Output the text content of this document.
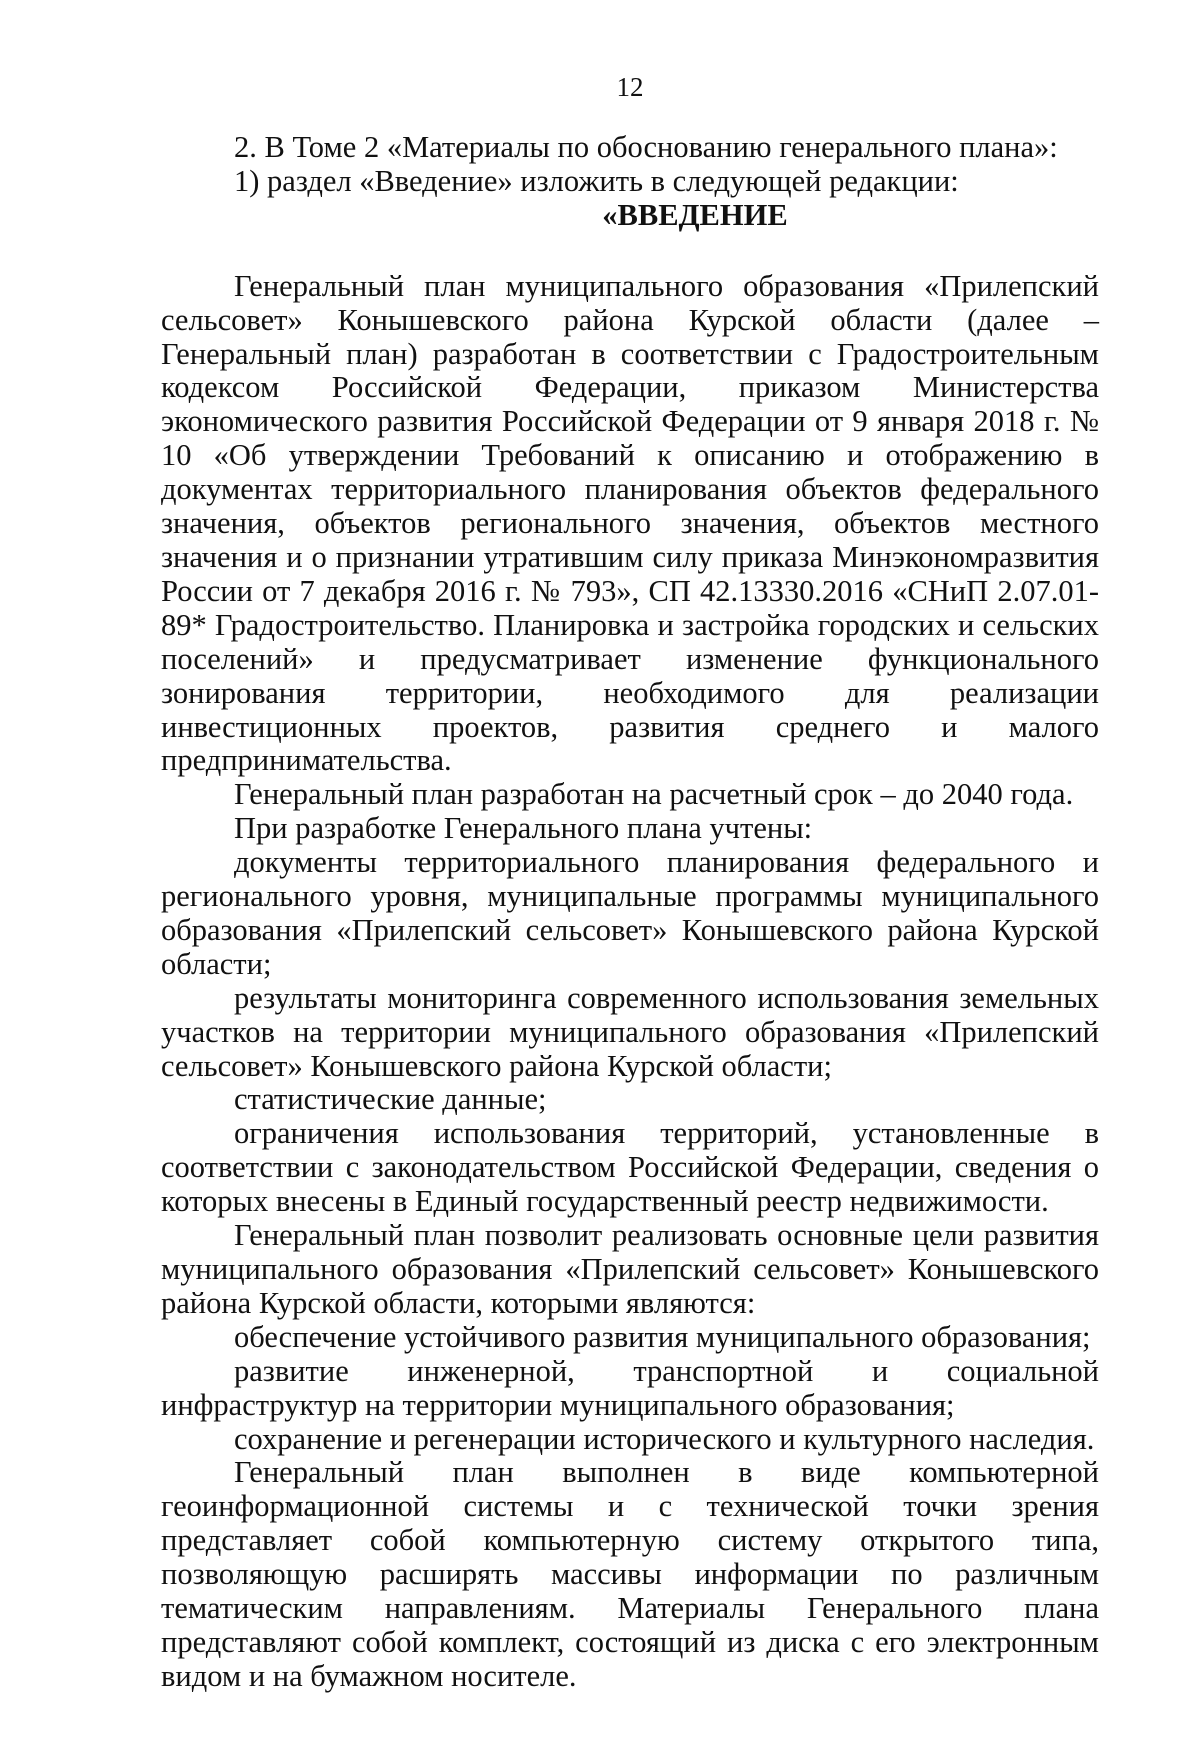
12
2. В Томе 2 «Материалы по обоснованию генерального плана»:
1) раздел «Введение» изложить в следующей редакции:
«ВВЕДЕНИЕ
Генеральный план муниципального образования «Прилепский сельсовет» Конышевского района Курской области (далее – Генеральный план) разработан в соответствии с Градостроительным кодексом Российской Федерации, приказом Министерства экономического развития Российской Федерации от 9 января 2018 г. № 10 «Об утверждении Требований к описанию и отображению в документах территориального планирования объектов федерального значения, объектов регионального значения, объектов местного значения и о признании утратившим силу приказа Минэкономразвития России от 7 декабря 2016 г. № 793», СП 42.13330.2016 «СНиП 2.07.01-89* Градостроительство. Планировка и застройка городских и сельских поселений» и предусматривает изменение функционального зонирования территории, необходимого для реализации инвестиционных проектов, развития среднего и малого предпринимательства.
Генеральный план разработан на расчетный срок – до 2040 года.
При разработке Генерального плана учтены:
документы территориального планирования федерального и регионального уровня, муниципальные программы муниципального образования «Прилепский сельсовет» Конышевского района Курской области;
результаты мониторинга современного использования земельных участков на территории муниципального образования «Прилепский сельсовет» Конышевского района Курской области;
статистические данные;
ограничения использования территорий, установленные в соответствии с законодательством Российской Федерации, сведения о которых внесены в Единый государственный реестр недвижимости.
Генеральный план позволит реализовать основные цели развития муниципального образования «Прилепский сельсовет» Конышевского района Курской области, которыми являются:
обеспечение устойчивого развития муниципального образования;
развитие инженерной, транспортной и социальной инфраструктур на территории муниципального образования;
сохранение и регенерации исторического и культурного наследия.
Генеральный план выполнен в виде компьютерной геоинформационной системы и с технической точки зрения представляет собой компьютерную систему открытого типа, позволяющую расширять массивы информации по различным тематическим направлениям. Материалы Генерального плана представляют собой комплект, состоящий из диска с его электронным видом и на бумажном носителе.
